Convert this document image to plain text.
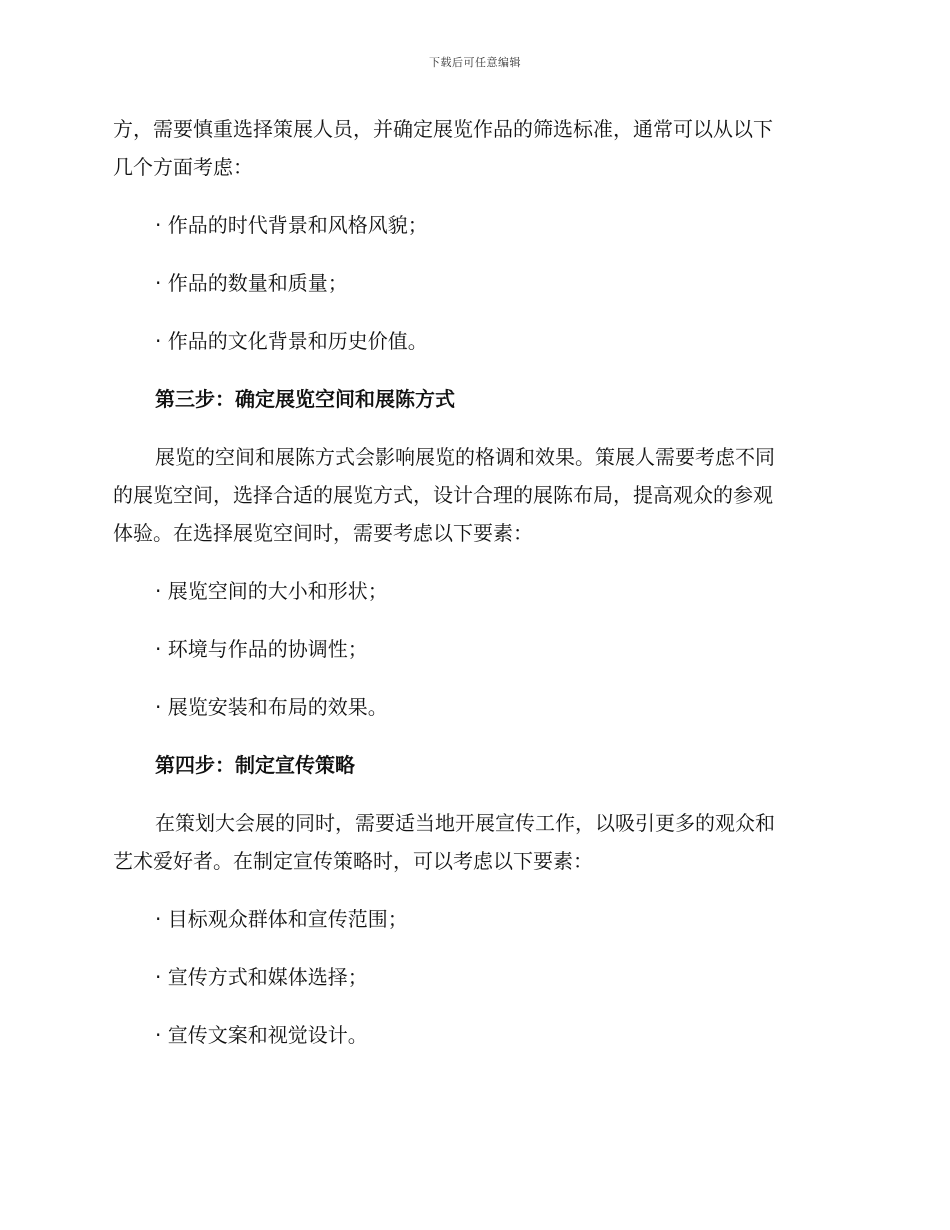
下载后可任意编辑
方，需要慎重选择策展人员，并确定展览作品的筛选标准，通常可以从以下
几个方面考虑：
· 作品的时代背景和风格风貌；
· 作品的数量和质量；
· 作品的文化背景和历史价值。
第三步：确定展览空间和展陈方式
展览的空间和展陈方式会影响展览的格调和效果。策展人需要考虑不同
的展览空间，选择合适的展览方式，设计合理的展陈布局，提高观众的参观
体验。在选择展览空间时，需要考虑以下要素：
· 展览空间的大小和形状；
· 环境与作品的协调性；
· 展览安装和布局的效果。
第四步：制定宣传策略
在策划大会展的同时，需要适当地开展宣传工作，以吸引更多的观众和
艺术爱好者。在制定宣传策略时，可以考虑以下要素：
· 目标观众群体和宣传范围；
· 宣传方式和媒体选择；
· 宣传文案和视觉设计。
